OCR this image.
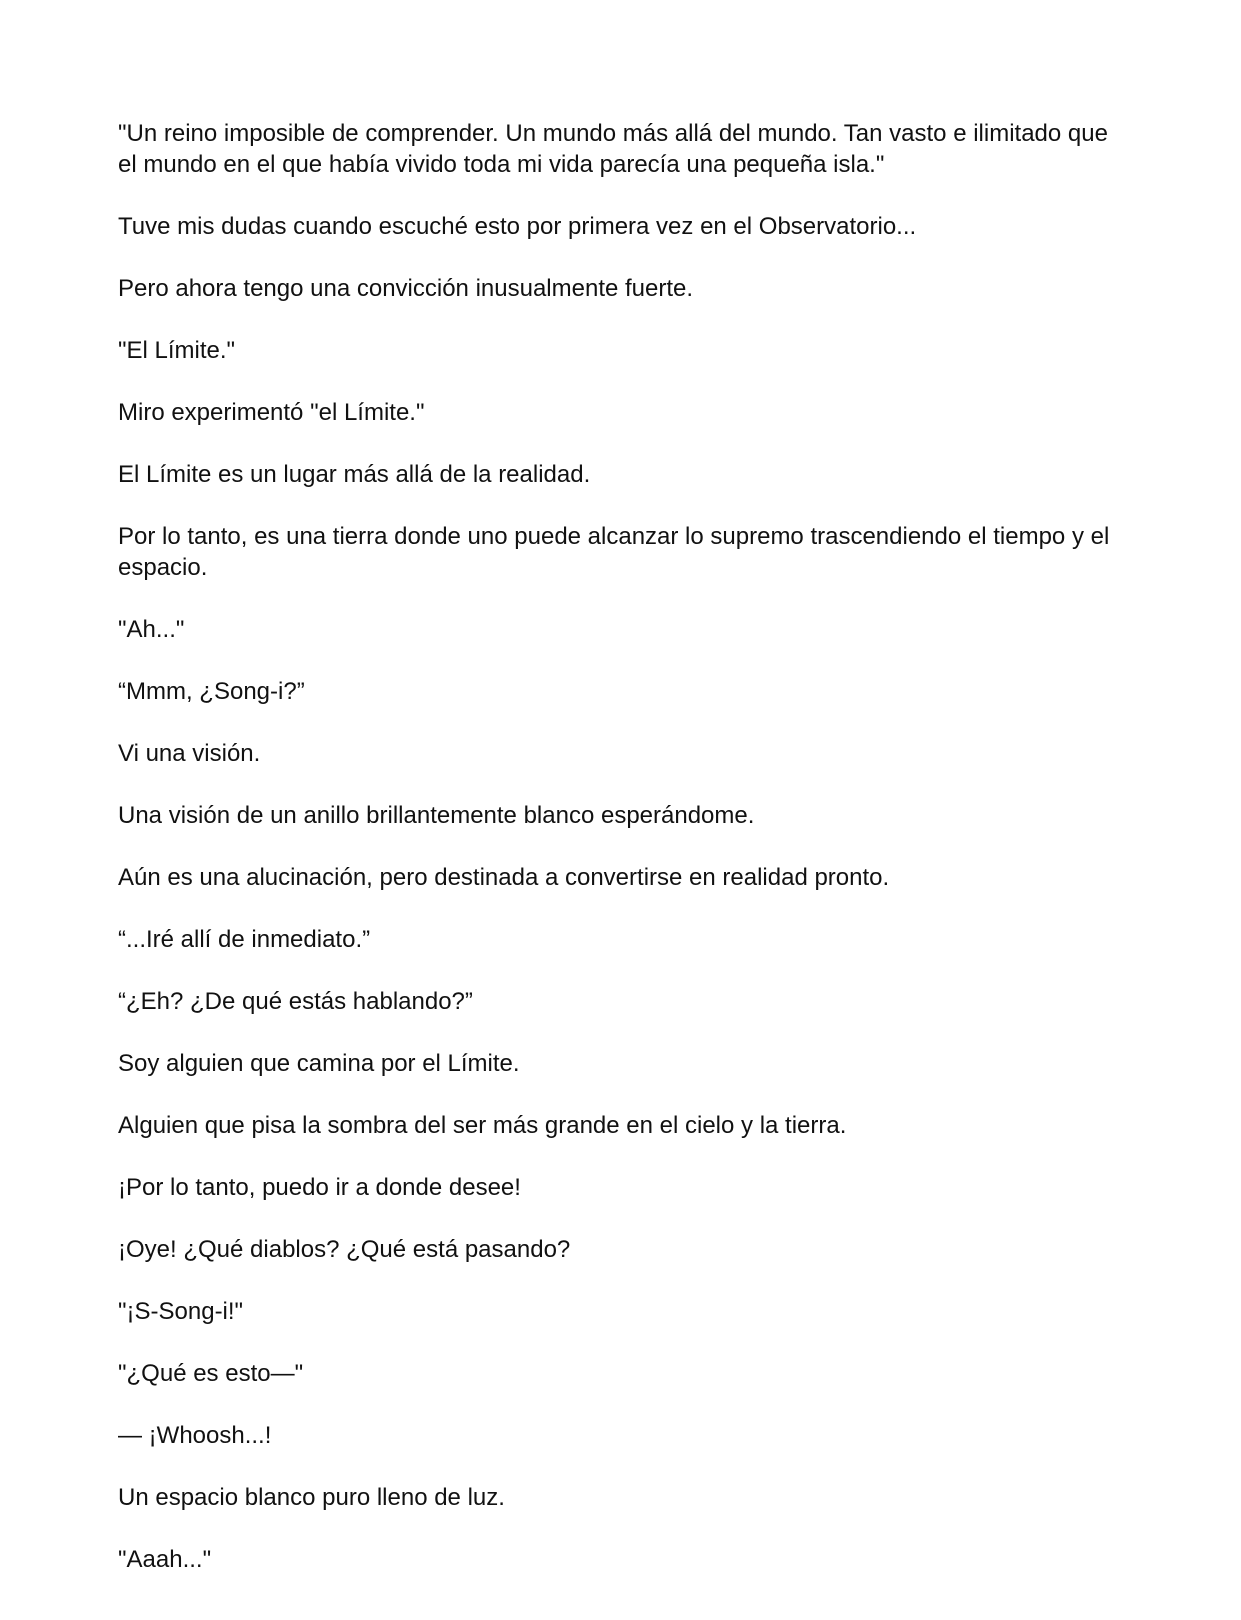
"Un reino imposible de comprender. Un mundo más allá del mundo. Tan vasto e ilimitado que el mundo en el que había vivido toda mi vida parecía una pequeña isla."

Tuve mis dudas cuando escuché esto por primera vez en el Observatorio...

Pero ahora tengo una convicción inusualmente fuerte.

"El Límite."

Miro experimentó "el Límite."

El Límite es un lugar más allá de la realidad.

Por lo tanto, es una tierra donde uno puede alcanzar lo supremo trascendiendo el tiempo y el espacio.

"Ah..."

“Mmm, ¿Song-i?”

Vi una visión.

Una visión de un anillo brillantemente blanco esperándome.

Aún es una alucinación, pero destinada a convertirse en realidad pronto.

“...Iré allí de inmediato.”

“¿Eh? ¿De qué estás hablando?”

Soy alguien que camina por el Límite.

Alguien que pisa la sombra del ser más grande en el cielo y la tierra.

¡Por lo tanto, puedo ir a donde desee!

¡Oye! ¿Qué diablos? ¿Qué está pasando?

"¡S-Song-i!"

"¿Qué es esto—"

— ¡Whoosh...!

Un espacio blanco puro lleno de luz.

"Aaah..."
